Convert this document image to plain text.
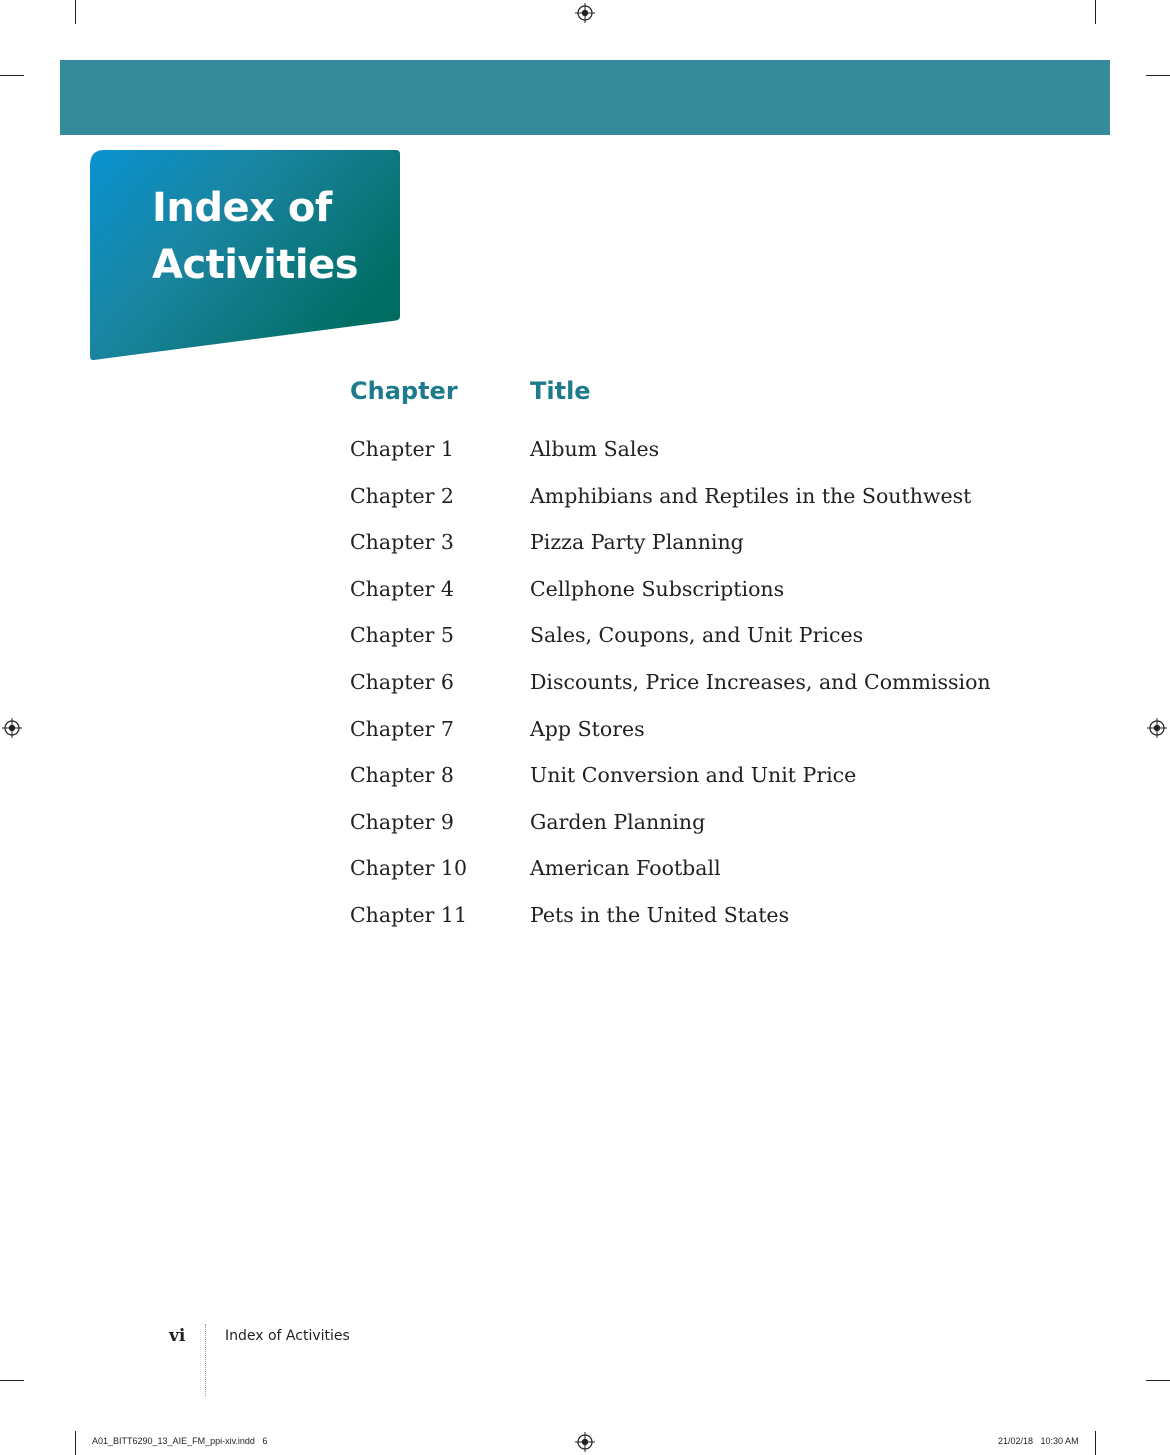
Index of
Activities
Chapter	Title
Chapter 1	Album Sales
Chapter 2	Amphibians and Reptiles in the Southwest
Chapter 3	Pizza Party Planning
Chapter 4	Cellphone Subscriptions
Chapter 5	Sales, Coupons, and Unit Prices
Chapter 6	Discounts, Price Increases, and Commission
Chapter 7	App Stores
Chapter 8	Unit Conversion and Unit Price
Chapter 9	Garden Planning
Chapter 10	American Football
Chapter 11	Pets in the United States
vi	Index of Activities
A01_BITT6290_13_AIE_FM_ppi-xiv.indd   6	21/02/18   10:30 AM
